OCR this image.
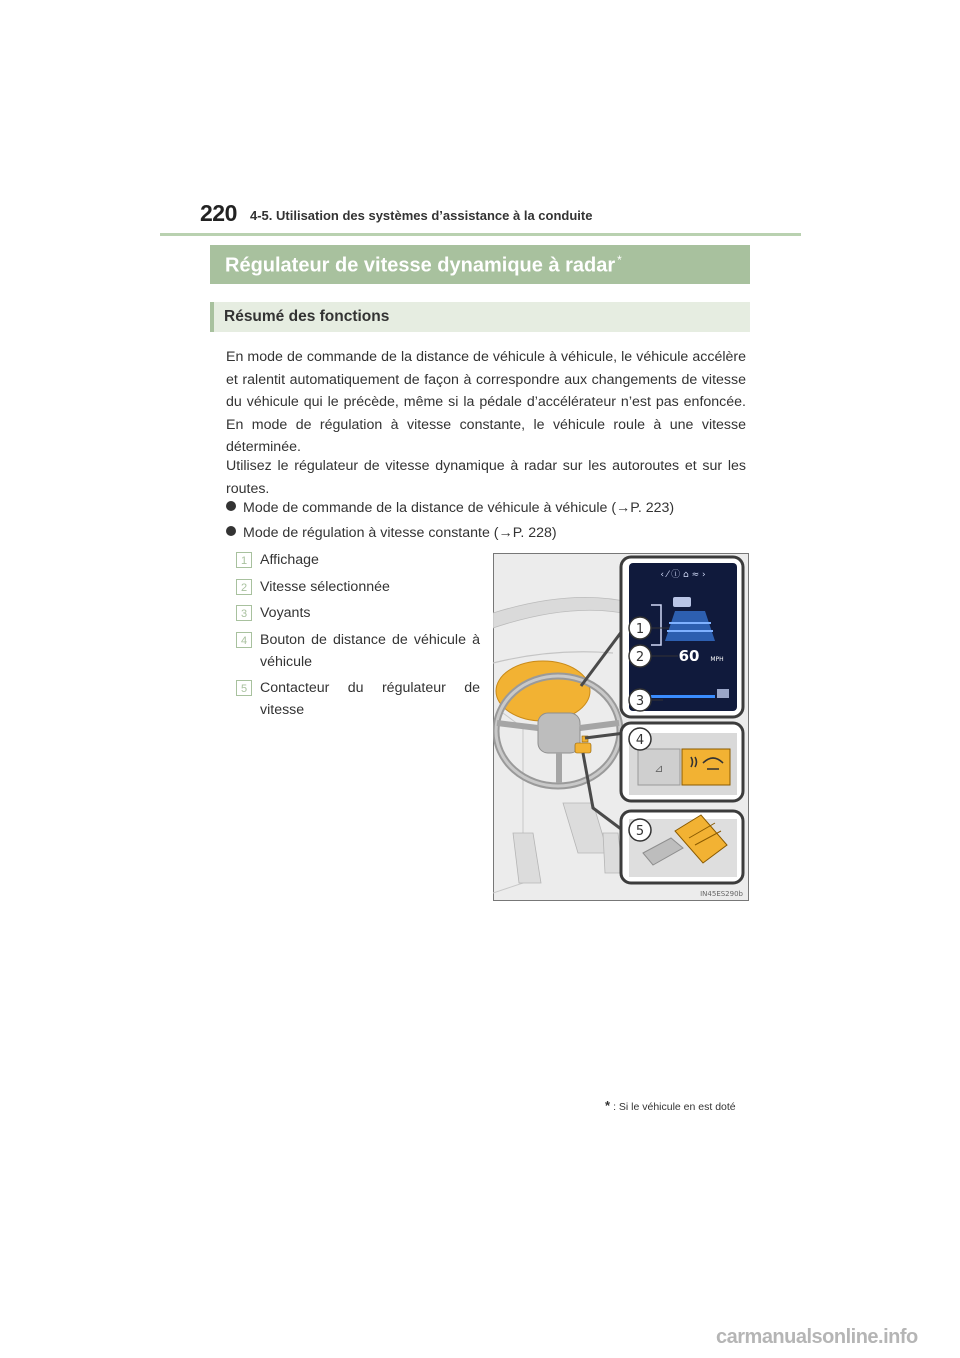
220 4-5. Utilisation des systèmes d’assistance à la conduite
Régulateur de vitesse dynamique à radar *
Résumé des fonctions
En mode de commande de la distance de véhicule à véhicule, le véhicule accélère et ralentit automatiquement de façon à correspondre aux changements de vitesse du véhicule qui le précède, même si la pédale d’accélérateur n’est pas enfoncée. En mode de régulation à vitesse constante, le véhicule roule à une vitesse déterminée.
Utilisez le régulateur de vitesse dynamique à radar sur les autoroutes et sur les routes.
Mode de commande de la distance de véhicule à véhicule (→P. 223)
Mode de régulation à vitesse constante (→P. 228)
1 Affichage
2 Vitesse sélectionnée
3 Voyants
4 Bouton de distance de véhicule à véhicule
5 Contacteur du régulateur de vitesse
‹ ⁄ ⓘ ⌂ ≈ ›
60 MPH
1
2
3
⊿
4
5
IN45ES290b
* : Si le véhicule en est doté
carmanualsonline.info
